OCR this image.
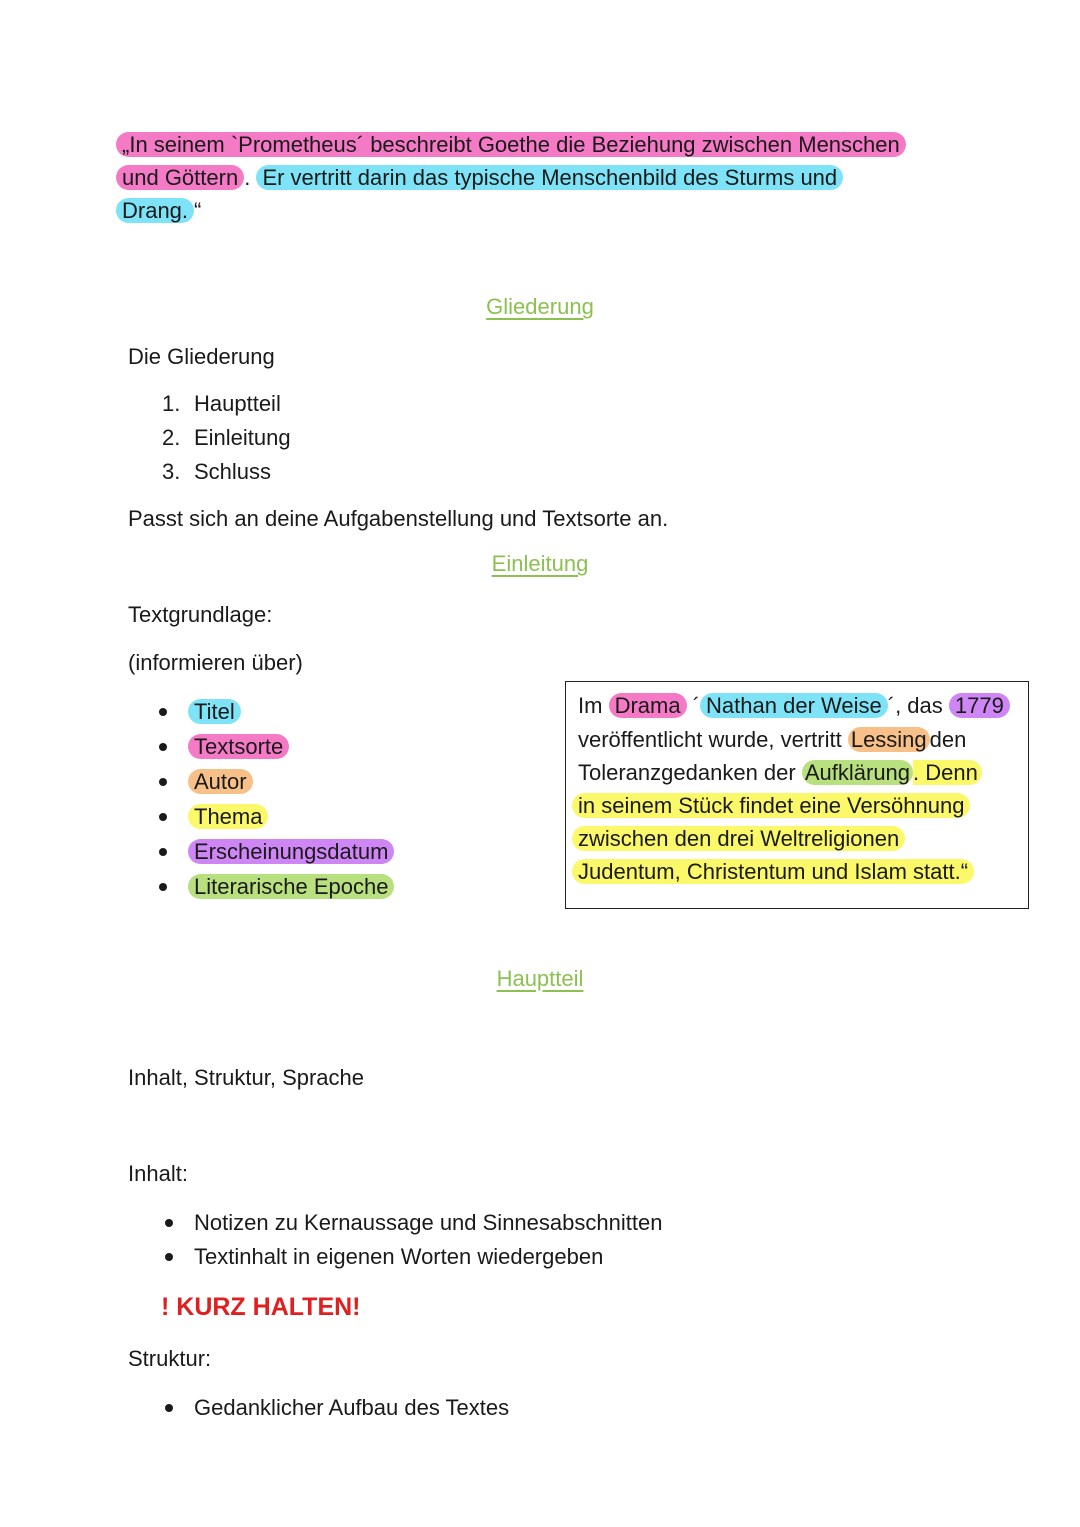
„In seinem `Prometheus´ beschreibt Goethe die Beziehung zwischen Menschen
und Göttern . Er vertritt darin das typische Menschenbild des Sturms und
Drang. “
Gliederung
Die Gliederung
1. Hauptteil
2. Einleitung
3. Schluss
Passt sich an deine Aufgabenstellung und Textsorte an.
Einleitung
Textgrundlage:
(informieren über)
Titel
Textsorte
Autor
Thema
Erscheinungsdatum
Literarische Epoche
Im Drama ´ Nathan der Weise ´, das 1779
veröffentlicht wurde, vertritt Lessing den
Toleranzgedanken der Aufklärung . Denn
in seinem Stück findet eine Versöhnung
zwischen den drei Weltreligionen
Judentum, Christentum und Islam statt.“
Hauptteil
Inhalt, Struktur, Sprache
Inhalt:
Notizen zu Kernaussage und Sinnesabschnitten
Textinhalt in eigenen Worten wiedergeben
! KURZ HALTEN!
Struktur:
Gedanklicher Aufbau des Textes
